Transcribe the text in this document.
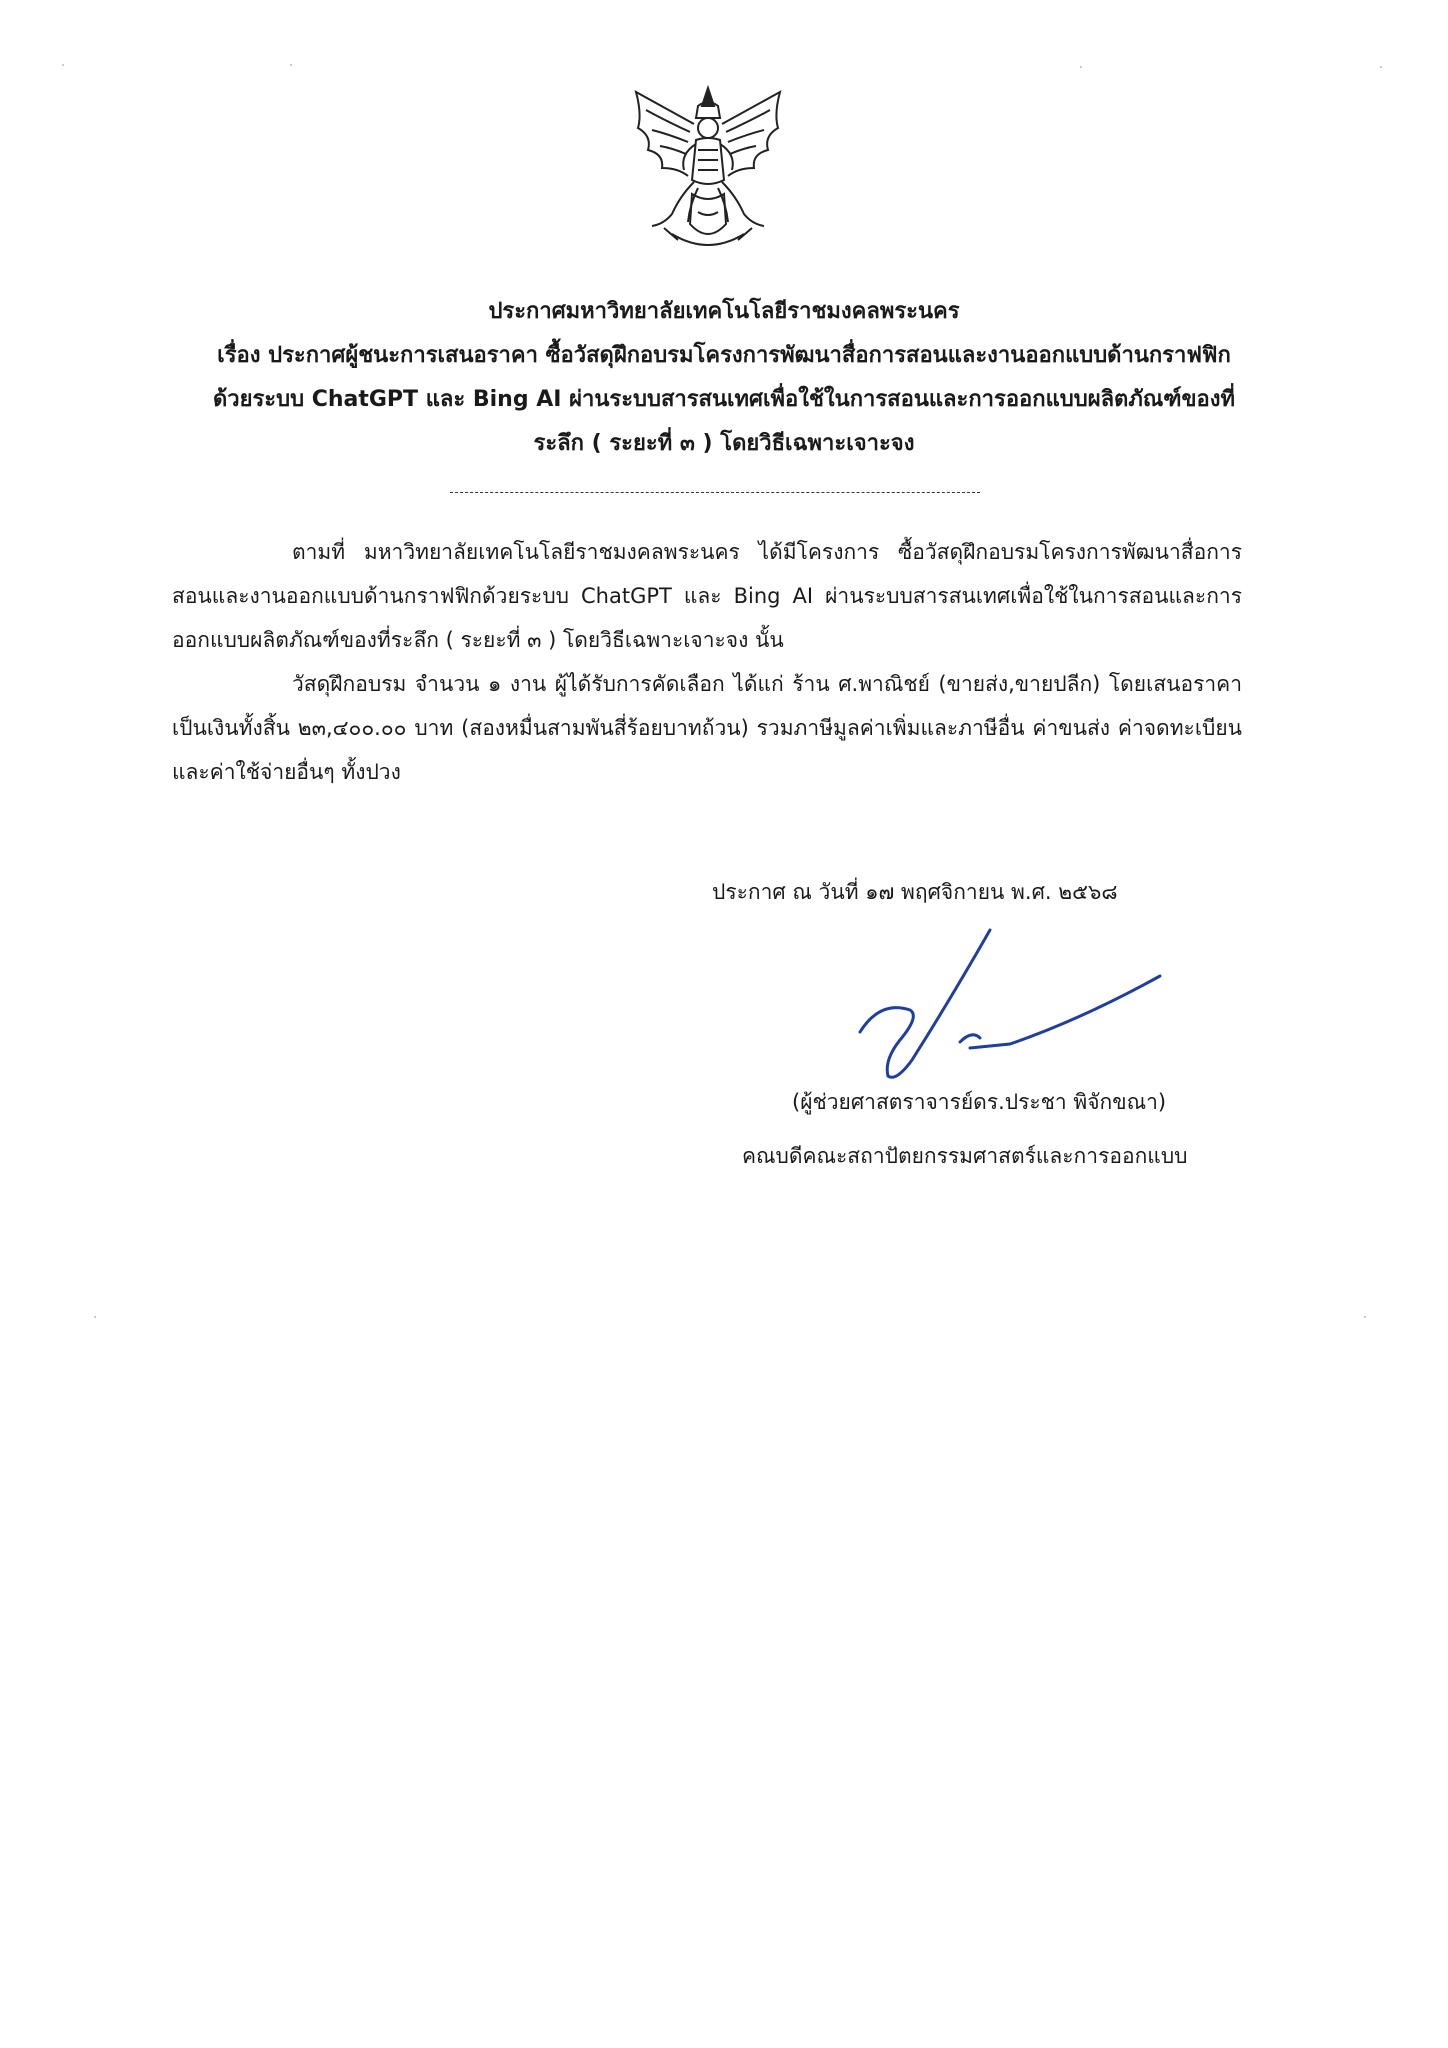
ประกาศมหาวิทยาลัยเทคโนโลยีราชมงคลพระนคร
เรื่อง ประกาศผู้ชนะการเสนอราคา ซื้อวัสดุฝึกอบรมโครงการพัฒนาสื่อการสอนและงานออกแบบด้านกราฟฟิก
ด้วยระบบ ChatGPT และ Bing AI ผ่านระบบสารสนเทศเพื่อใช้ในการสอนและการออกแบบผลิตภัณฑ์ของที่
ระลึก ( ระยะที่ ๓ ) โดยวิธีเฉพาะเจาะจง

ตามที่ มหาวิทยาลัยเทคโนโลยีราชมงคลพระนคร ได้มีโครงการ ซื้อวัสดุฝึกอบรมโครงการพัฒนาสื่อการสอนและงานออกแบบด้านกราฟฟิกด้วยระบบ ChatGPT และ Bing AI ผ่านระบบสารสนเทศเพื่อใช้ในการสอนและการออกแบบผลิตภัณฑ์ของที่ระลึก ( ระยะที่ ๓ ) โดยวิธีเฉพาะเจาะจง นั้น

วัสดุฝึกอบรม จำนวน ๑ งาน ผู้ได้รับการคัดเลือก ได้แก่ ร้าน ศ.พาณิชย์ (ขายส่ง,ขายปลีก) โดยเสนอราคา เป็นเงินทั้งสิ้น ๒๓,๔๐๐.๐๐ บาท (สองหมื่นสามพันสี่ร้อยบาทถ้วน) รวมภาษีมูลค่าเพิ่มและภาษีอื่น ค่าขนส่ง ค่าจดทะเบียน และค่าใช้จ่ายอื่นๆ ทั้งปวง

ประกาศ ณ วันที่ ๑๗ พฤศจิกายน พ.ศ. ๒๕๖๘
(ผู้ช่วยศาสตราจารย์ดร.ประชา พิจักขณา)
คณบดีคณะสถาปัตยกรรมศาสตร์และการออกแบบ
